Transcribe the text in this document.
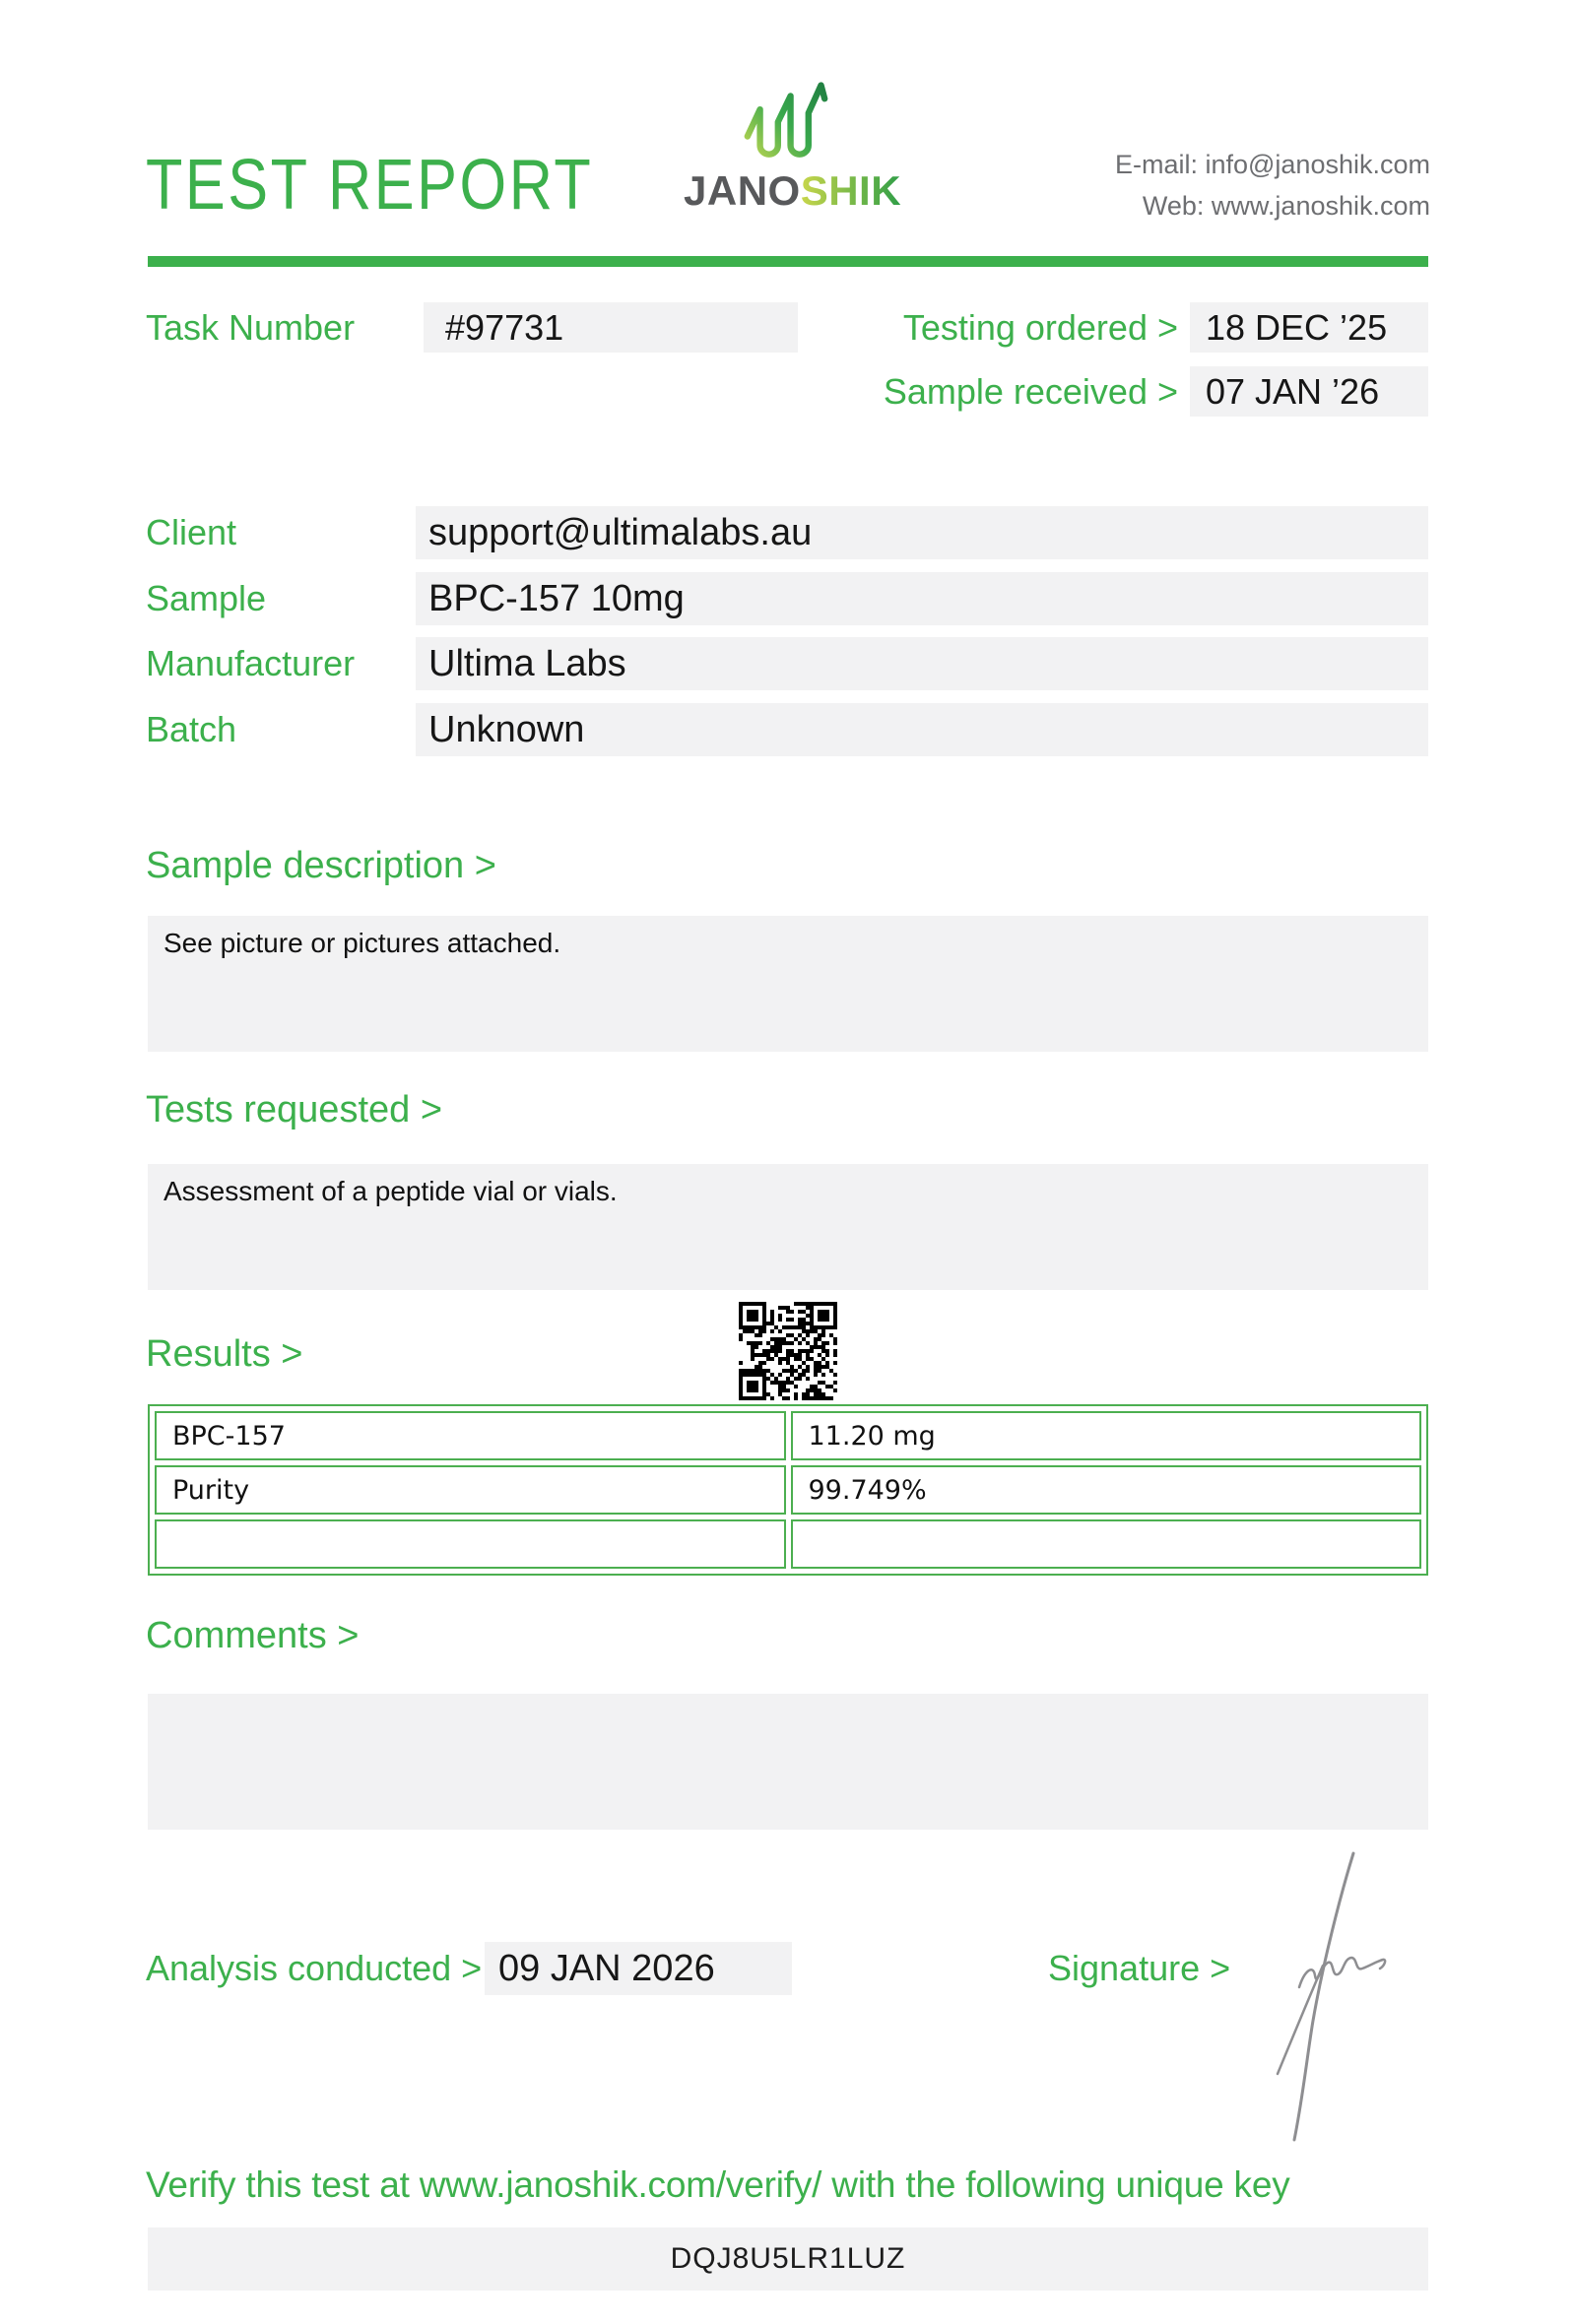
TEST REPORT JANOSHIK
E-mail: info@janoshik.com
Web: www.janoshik.com
Task Number	#97731	Testing ordered > 18 DEC ’25
Sample received > 07 JAN ’26
Client	support@ultimalabs.au
Sample	BPC-157 10mg
Manufacturer	Ultima Labs
Batch	Unknown
Sample description >
See picture or pictures attached.
Tests requested >
Assessment of a peptide vial or vials.
Results >
BPC-157	11.20 mg
Purity	99.749%

Comments >
Analysis conducted > 09 JAN 2026	Signature >
Verify this test at www.janoshik.com/verify/ with the following unique key
DQJ8U5LR1LUZ
